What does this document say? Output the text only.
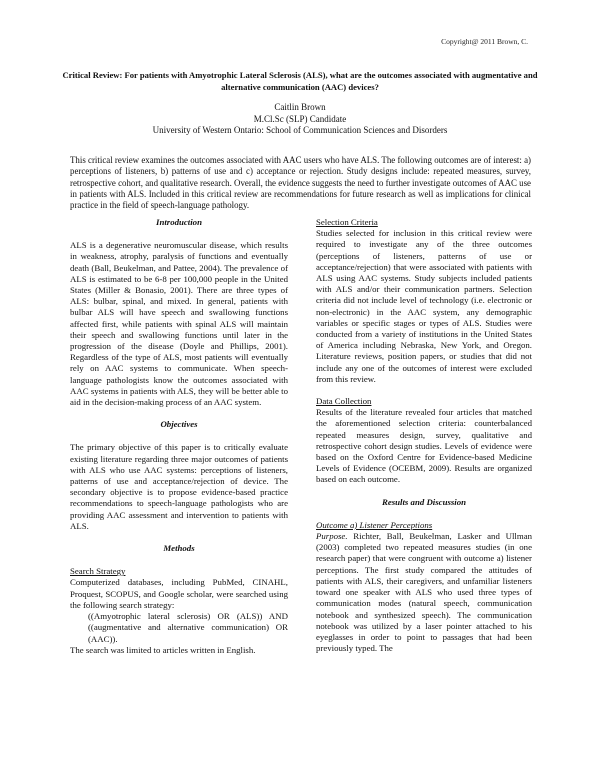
Copyright@ 2011 Brown, C.
Critical Review: For patients with Amyotrophic Lateral Sclerosis (ALS), what are the outcomes associated with augmentative and alternative communication (AAC) devices?
Caitlin Brown
M.Cl.Sc (SLP) Candidate
University of Western Ontario: School of Communication Sciences and Disorders

This critical review examines the outcomes associated with AAC users who have ALS. The following outcomes are of interest: a) perceptions of listeners, b) patterns of use and c) acceptance or rejection. Study designs include: repeated measures, survey, retrospective cohort, and qualitative research. Overall, the evidence suggests the need to further investigate outcomes of AAC use in patients with ALS. Included in this critical review are recommendations for future research as well as implications for clinical practice in the field of speech-language pathology.

Introduction

ALS is a degenerative neuromuscular disease, which results in weakness, atrophy, paralysis of functions and eventually death (Ball, Beukelman, and Pattee, 2004). The prevalence of ALS is estimated to be 6-8 per 100,000 people in the United States (Miller & Bonasio, 2001). There are three types of ALS: bulbar, spinal, and mixed. In general, patients with bulbar ALS will have speech and swallowing functions affected first, while patients with spinal ALS will maintain their speech and swallowing functions until later in the progression of the disease (Doyle and Phillips, 2001). Regardless of the type of ALS, most patients will eventually rely on AAC systems to communicate. When speech-language pathologists know the outcomes associated with AAC systems in patients with ALS, they will be better able to aid in the decision-making process of an AAC system.

Objectives

The primary objective of this paper is to critically evaluate existing literature regarding three major outcomes of patients with ALS who use AAC systems: perceptions of listeners, patterns of use and acceptance/rejection of device. The secondary objective is to propose evidence-based practice recommendations to speech-language pathologists who are providing AAC assessment and intervention to patients with ALS.

Methods
Search Strategy

Computerized databases, including PubMed, CINAHL, Proquest, SCOPUS, and Google scholar, were searched using the following search strategy:

((Amyotrophic lateral sclerosis) OR (ALS)) AND ((augmentative and alternative communication) OR (AAC)).

The search was limited to articles written in English.

Selection Criteria

Studies selected for inclusion in this critical review were required to investigate any of the three outcomes (perceptions of listeners, patterns of use or acceptance/rejection) that were associated with patients with ALS using AAC systems. Study subjects included patients with ALS and/or their communication partners. Selection criteria did not include level of technology (i.e. electronic or non-electronic) in the AAC system, any demographic variables or specific stages or types of ALS. Studies were conducted from a variety of institutions in the United States of America including Nebraska, New York, and Oregon. Literature reviews, position papers, or studies that did not include any one of the outcomes of interest were excluded from this review.

Data Collection

Results of the literature revealed four articles that matched the aforementioned selection criteria: counterbalanced repeated measures design, survey, qualitative and retrospective cohort design studies. Levels of evidence were based on the Oxford Centre for Evidence-based Medicine Levels of Evidence (OCEBM, 2009). Results are organized based on each outcome.

Results and Discussion
Outcome a) Listener Perceptions

Purpose. Richter, Ball, Beukelman, Lasker and Ullman (2003) completed two repeated measures studies (in one research paper) that were congruent with outcome a) listener perceptions. The first study compared the attitudes of patients with ALS, their caregivers, and unfamiliar listeners toward one speaker with ALS who used three types of communication modes (natural speech, communication notebook and synthesized speech). The communication notebook was utilized by a laser pointer attached to his eyeglasses in order to point to passages that had been previously typed. The
